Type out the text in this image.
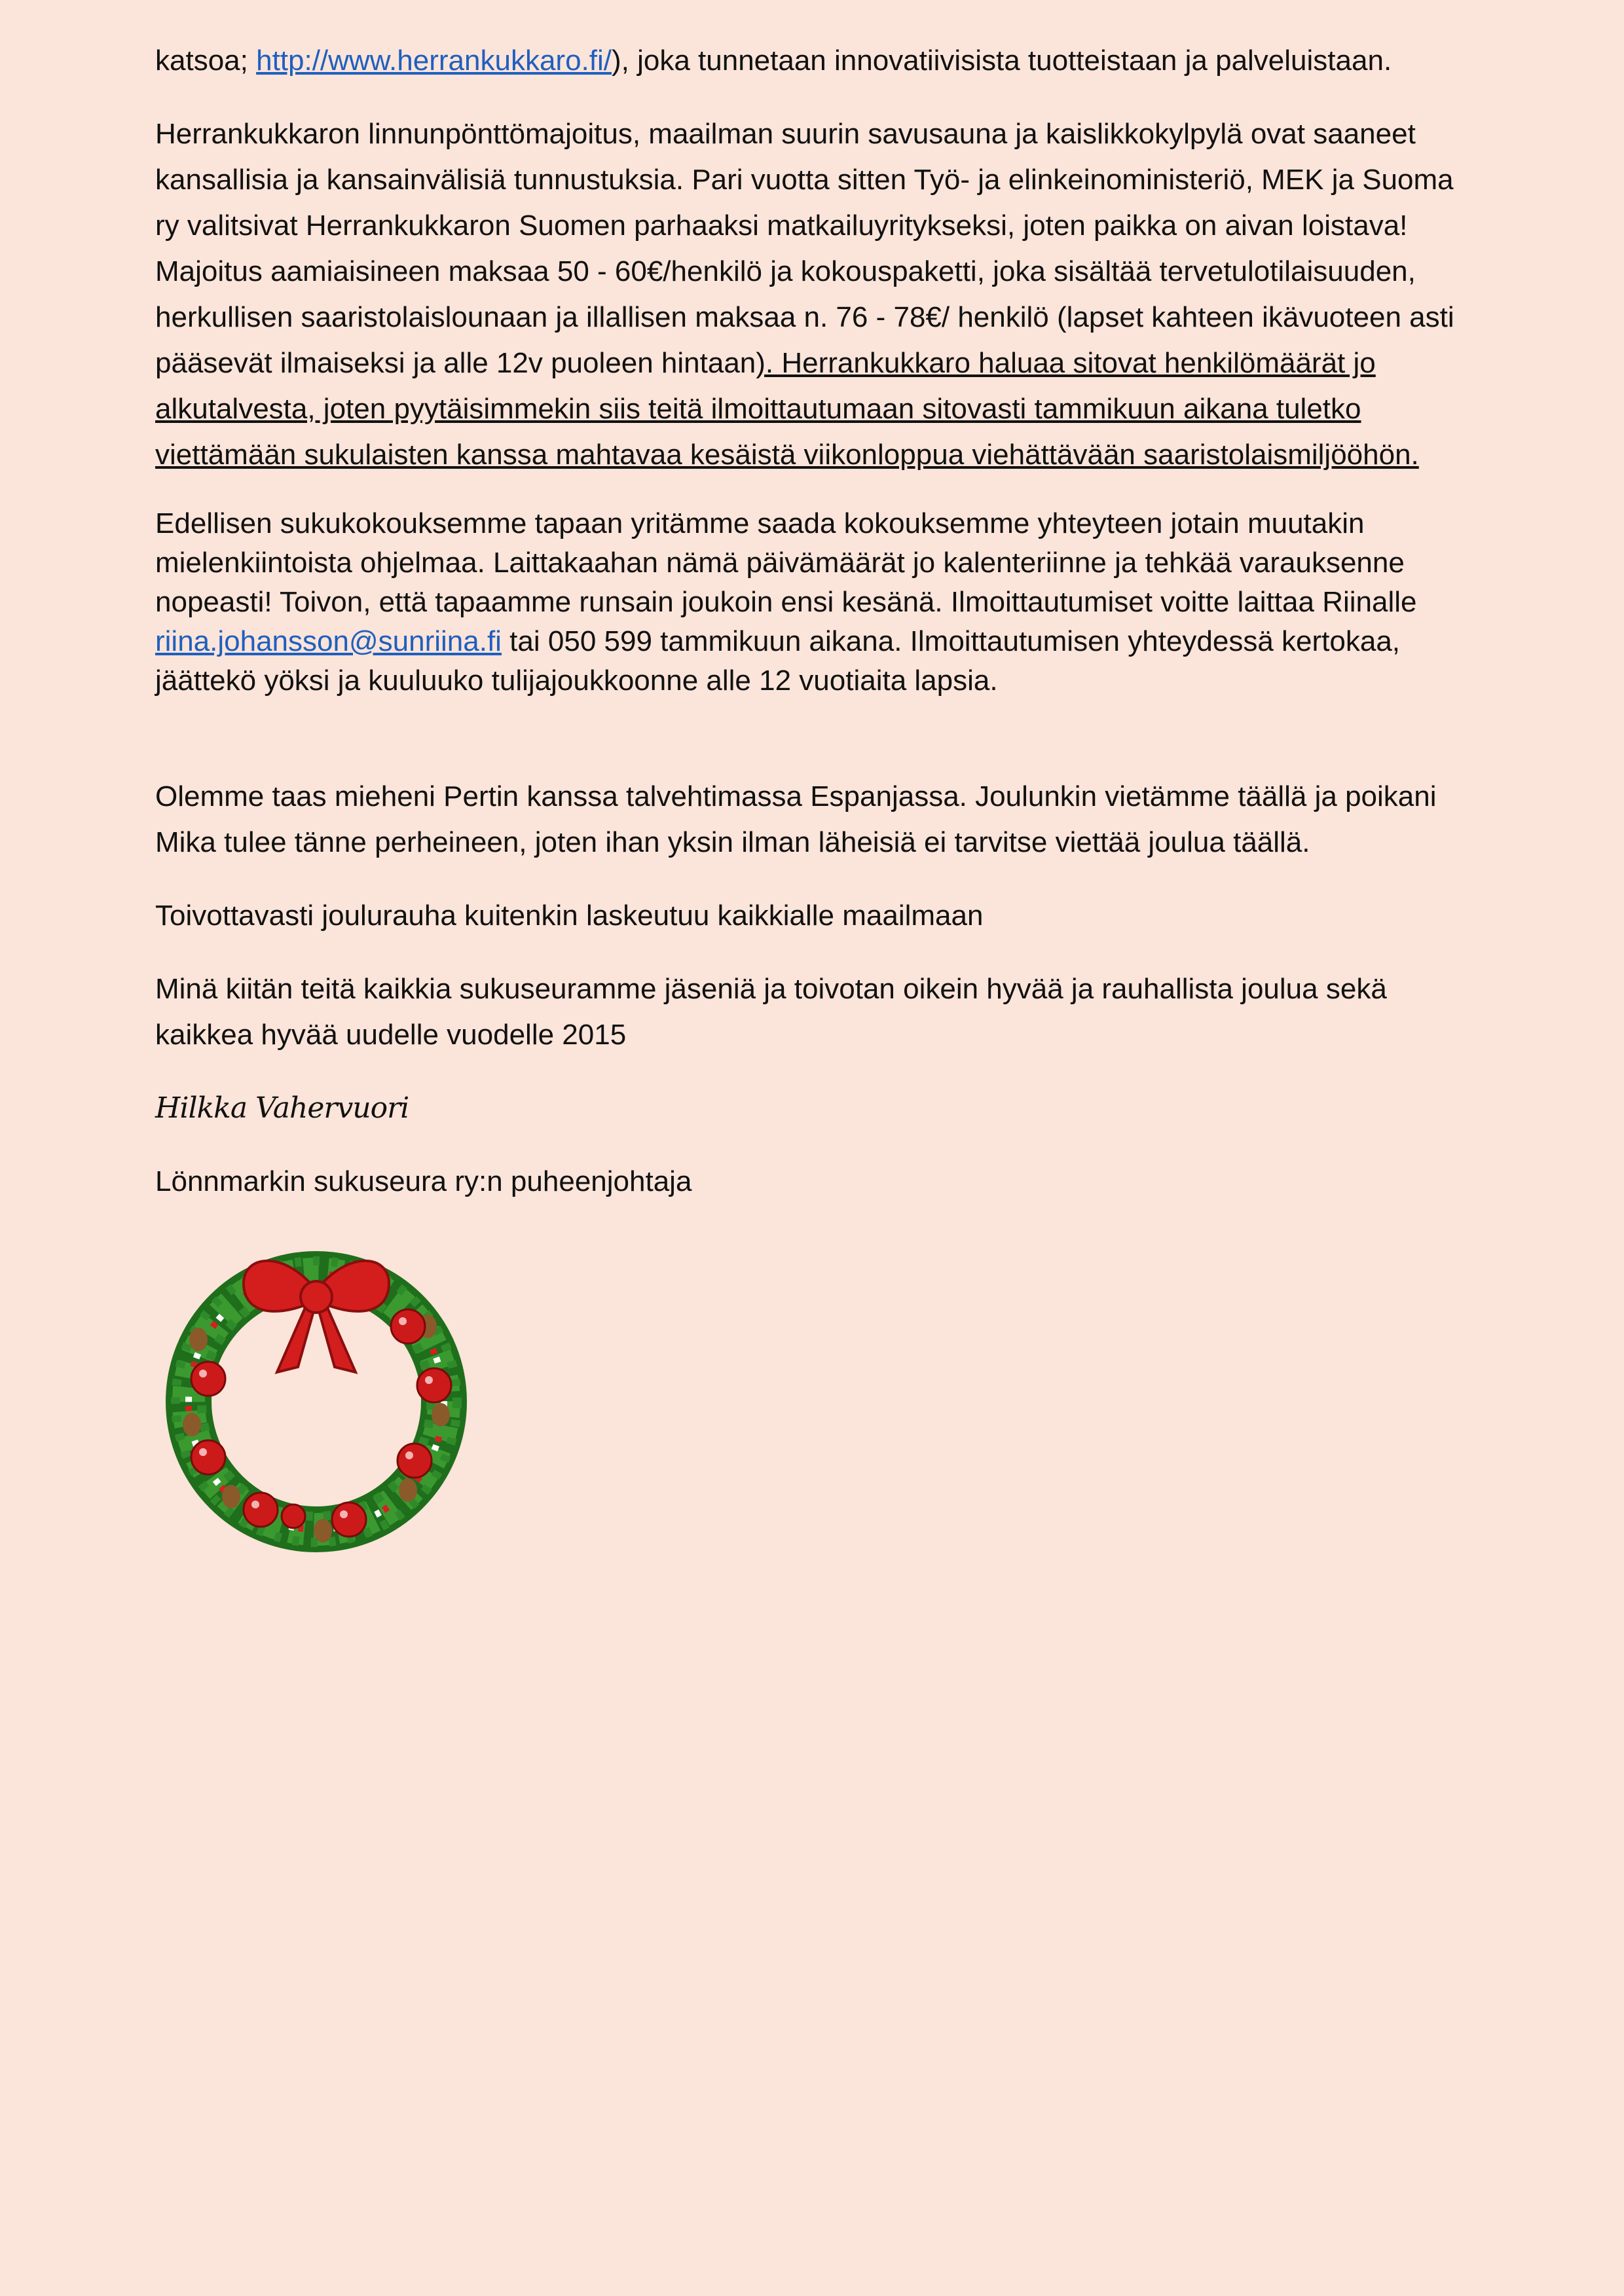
katsoa; http://www.herrankukkaro.fi/), joka tunnetaan innovatiivisista tuotteistaan ja palveluistaan.

Herrankukkaron linnunpönttömajoitus, maailman suurin savusauna ja kaislikkokylpylä ovat saaneet kansallisia ja kansainvälisiä tunnustuksia. Pari vuotta sitten Työ- ja elinkeinoministeriö, MEK ja Suoma ry valitsivat Herrankukkaron Suomen parhaaksi matkailuyritykseksi, joten paikka on aivan loistava! Majoitus aamiaisineen maksaa 50 - 60€/henkilö ja kokouspaketti, joka sisältää tervetulotilaisuuden, herkullisen saaristolaislounaan ja illallisen maksaa n. 76 - 78€/ henkilö (lapset kahteen ikävuoteen asti pääsevät ilmaiseksi ja alle 12v puoleen hintaan). Herrankukkaro haluaa sitovat henkilömäärät jo alkutalvesta, joten pyytäisimmekin siis teitä ilmoittautumaan sitovasti tammikuun aikana tuletko viettämään sukulaisten kanssa mahtavaa kesäistä viikonloppua viehättävään saaristolaismiljööhön.

Edellisen sukukokouksemme tapaan yritämme saada kokouksemme yhteyteen jotain muutakin mielenkiintoista ohjelmaa. Laittakaahan nämä päivämäärät jo kalenteriinne ja tehkää varauksenne nopeasti! Toivon, että tapaamme runsain joukoin ensi kesänä. Ilmoittautumiset voitte laittaa Riinalle riina.johansson@sunriina.fi tai 050 599 tammikuun aikana. Ilmoittautumisen yhteydessä kertokaa, jäättekö yöksi ja kuuluuko tulijajoukkoonne alle 12 vuotiaita lapsia.

Olemme taas mieheni Pertin kanssa talvehtimassa Espanjassa. Joulunkin vietämme täällä ja poikani Mika tulee tänne perheineen, joten ihan yksin ilman läheisiä ei tarvitse viettää joulua täällä.

Toivottavasti joulurauha kuitenkin laskeutuu kaikkialle maailmaan

Minä kiitän teitä kaikkia sukuseuramme jäseniä ja toivotan oikein hyvää ja rauhallista joulua sekä kaikkea hyvää uudelle vuodelle 2015

Hilkka Vahervuori

Lönnmarkin sukuseura ry:n puheenjohtaja
